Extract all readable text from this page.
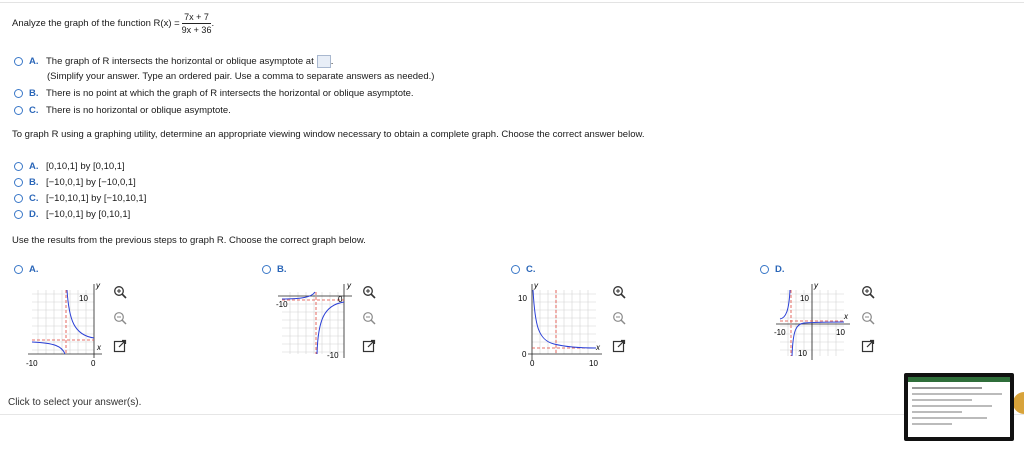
Analyze the graph of the function $R(x) = \frac{7x + 7}{9x + 36}$ .
A. The graph of R intersects the horizontal or oblique asymptote at .
(Simplify your answer. Type an ordered pair. Use a comma to separate answers as needed.)
B. There is no point at which the graph of R intersects the horizontal or oblique asymptote.
C. There is no horizontal or oblique asymptote.
To graph R using a graphing utility, determine an appropriate viewing window necessary to obtain a complete graph. Choose the correct answer below.
A. [0,10,1] by [0,10,1]
B. [−10,0,1] by [−10,0,1]
C. [−10,10,1] by [−10,10,1]
D. [−10,0,1] by [0,10,1]
Use the results from the previous steps to graph R. Choose the correct graph below.
A.	B.	C.	D.
10
y
x
-10	0
y
0
-10
-10
10
y
x
0
0	10
10
y
x
-10	10
10
Click to select your answer(s).
